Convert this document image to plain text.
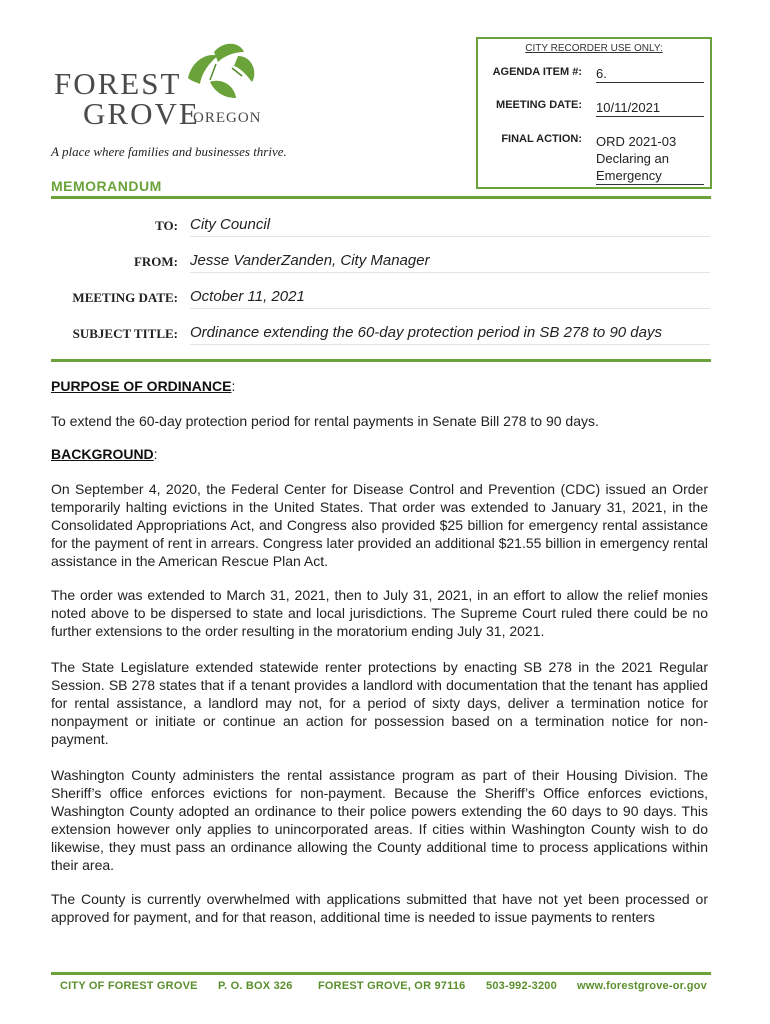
FOREST
GROVE
OREGON
A place where families and businesses thrive.
MEMORANDUM
CITY RECORDER USE ONLY:
AGENDA ITEM #: 6.
MEETING DATE: 10/11/2021
FINAL ACTION: ORD 2021-03
Declaring an
Emergency
TO: City Council
FROM: Jesse VanderZanden, City Manager
MEETING DATE: October 11, 2021
SUBJECT TITLE: Ordinance extending the 60-day protection period in SB 278 to 90 days
PURPOSE OF ORDINANCE:
To extend the 60-day protection period for rental payments in Senate Bill 278 to 90 days.
BACKGROUND:
On September 4, 2020, the Federal Center for Disease Control and Prevention (CDC) issued an Order temporarily halting evictions in the United States. That order was extended to January 31, 2021, in the Consolidated Appropriations Act, and Congress also provided $25 billion for emergency rental assistance for the payment of rent in arrears. Congress later provided an additional $21.55 billion in emergency rental assistance in the American Rescue Plan Act.
The order was extended to March 31, 2021, then to July 31, 2021, in an effort to allow the relief monies noted above to be dispersed to state and local jurisdictions. The Supreme Court ruled there could be no further extensions to the order resulting in the moratorium ending July 31, 2021.
The State Legislature extended statewide renter protections by enacting SB 278 in the 2021 Regular Session. SB 278 states that if a tenant provides a landlord with documentation that the tenant has applied for rental assistance, a landlord may not, for a period of sixty days, deliver a termination notice for nonpayment or initiate or continue an action for possession based on a termination notice for non-payment.
Washington County administers the rental assistance program as part of their Housing Division. The Sheriff’s office enforces evictions for non-payment. Because the Sheriff’s Office enforces evictions, Washington County adopted an ordinance to their police powers extending the 60 days to 90 days. This extension however only applies to unincorporated areas. If cities within Washington County wish to do likewise, they must pass an ordinance allowing the County additional time to process applications within their area.
The County is currently overwhelmed with applications submitted that have not yet been processed or approved for payment, and for that reason, additional time is needed to issue payments to renters
CITY OF FOREST GROVE P. O. BOX 326 FOREST GROVE, OR 97116 503-992-3200 www.forestgrove-or.gov
